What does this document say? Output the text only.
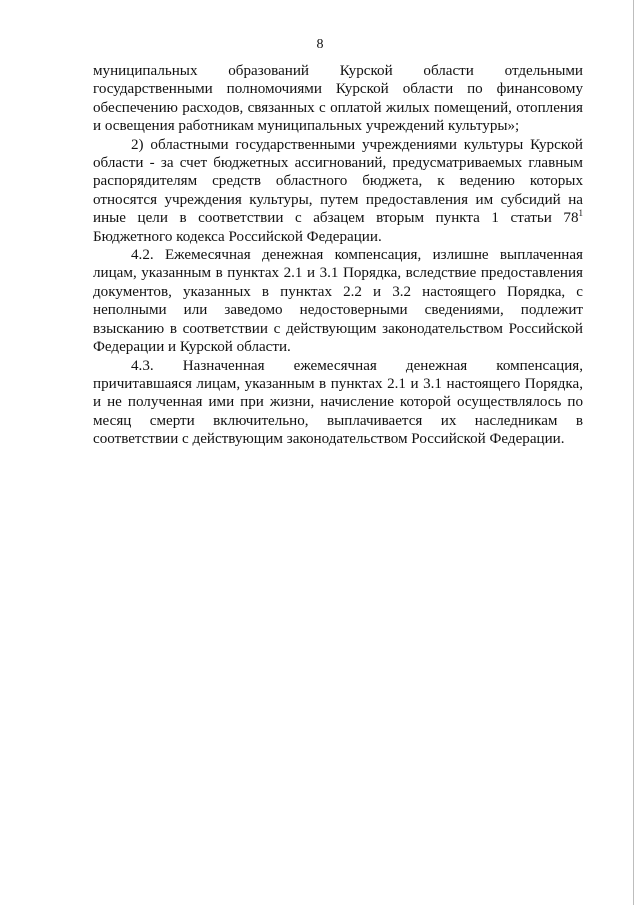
8

муниципальных образований Курской области отдельными государственными полномочиями Курской области по финансовому обеспечению расходов, связанных с оплатой жилых помещений, отопления и освещения работникам муниципальных учреждений культуры»;

2) областными государственными учреждениями культуры Курской области - за счет бюджетных ассигнований, предусматриваемых главным распорядителям средств областного бюджета, к ведению которых относятся учреждения культуры, путем предоставления им субсидий на иные цели в соответствии с абзацем вторым пункта 1 статьи $78^1$ Бюджетного кодекса Российской Федерации.

4.2. Ежемесячная денежная компенсация, излишне выплаченная лицам, указанным в пунктах 2.1 и 3.1 Порядка, вследствие предоставления документов, указанных в пунктах 2.2 и 3.2 настоящего Порядка, с неполными или заведомо недостоверными сведениями, подлежит взысканию в соответствии с действующим законодательством Российской Федерации и Курской области.

4.3. Назначенная ежемесячная денежная компенсация, причитавшаяся лицам, указанным в пунктах 2.1 и 3.1 настоящего Порядка, и не полученная ими при жизни, начисление которой осуществлялось по месяц смерти включительно, выплачивается их наследникам в соответствии с действующим законодательством Российской Федерации.
